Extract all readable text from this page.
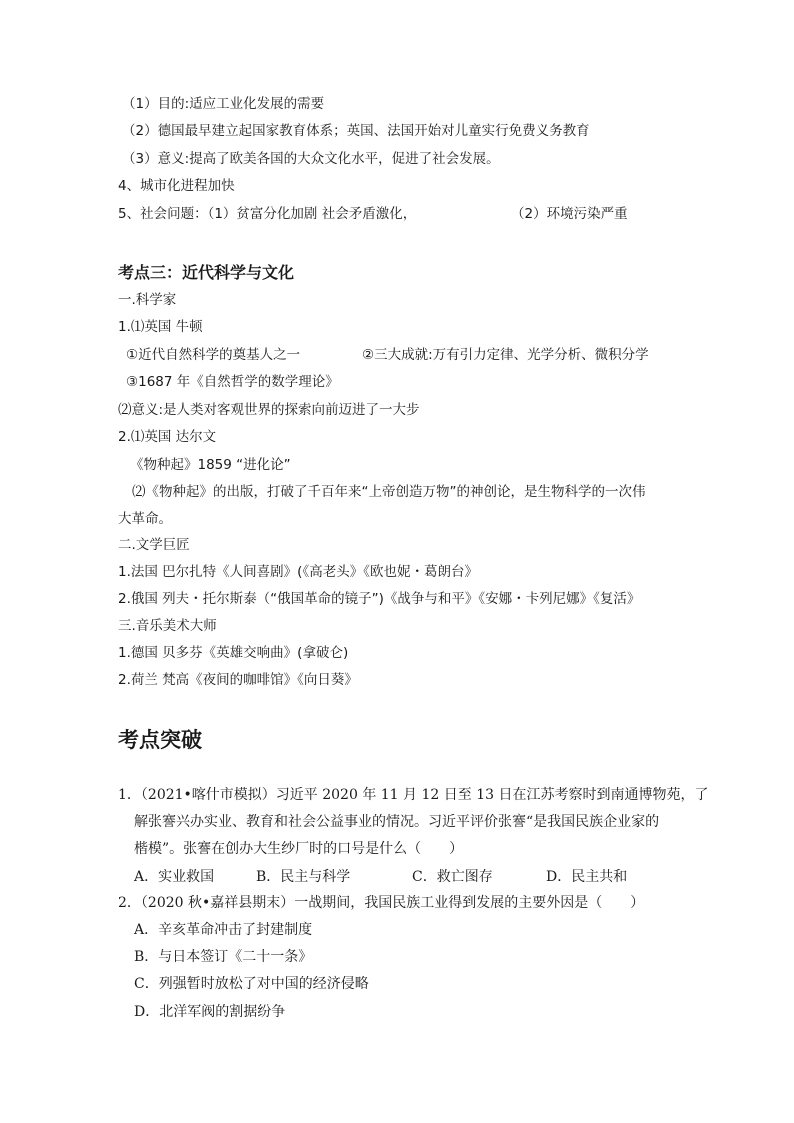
（1）目的:适应工业化发展的需要
（2）德国最早建立起国家教育体系；英国、法国开始对儿童实行免费义务教育
（3）意义:提高了欧美各国的大众文化水平，促进了社会发展。
4、城市化进程加快
5、社会问题：（1）贫富分化加剧 社会矛盾激化，	（2）环境污染严重
考点三：近代科学与文化
一.科学家
1.⑴英国 牛顿
①近代自然科学的奠基人之一	②三大成就:万有引力定律、光学分析、微积分学
③1687 年《自然哲学的数学理论》
⑵意义:是人类对客观世界的探索向前迈进了一大步
2.⑴英国 达尔文
《物种起》1859 “进化论”
⑵《物种起》的出版，打破了千百年来“上帝创造万物”的神创论，是生物科学的一次伟
大革命。
二.文学巨匠
1.法国 巴尔扎特《人间喜剧》(《高老头》《欧也妮・葛朗台》
2.俄国 列夫・托尔斯泰（“俄国革命的镜子”)《战争与和平》《安娜・卡列尼娜》《复活》
三.音乐美术大师
1.德国 贝多芬《英雄交响曲》(拿破仑)
2.荷兰 梵高《夜间的咖啡馆》《向日葵》
考点突破
1．（2021•喀什市模拟）习近平 2020 年 11 月 12 日至 13 日在江苏考察时到南通博物苑，了
解张謇兴办实业、教育和社会公益事业的情况。习近平评价张謇“是我国民族企业家的
楷模”。张謇在创办大生纱厂时的口号是什么（　　）
A．实业救国	B．民主与科学	C．救亡图存	D．民主共和
2．（2020 秋•嘉祥县期末）一战期间，我国民族工业得到发展的主要外因是（　　）
A．辛亥革命冲击了封建制度
B．与日本签订《二十一条》
C．列强暂时放松了对中国的经济侵略
D．北洋军阀的割据纷争
